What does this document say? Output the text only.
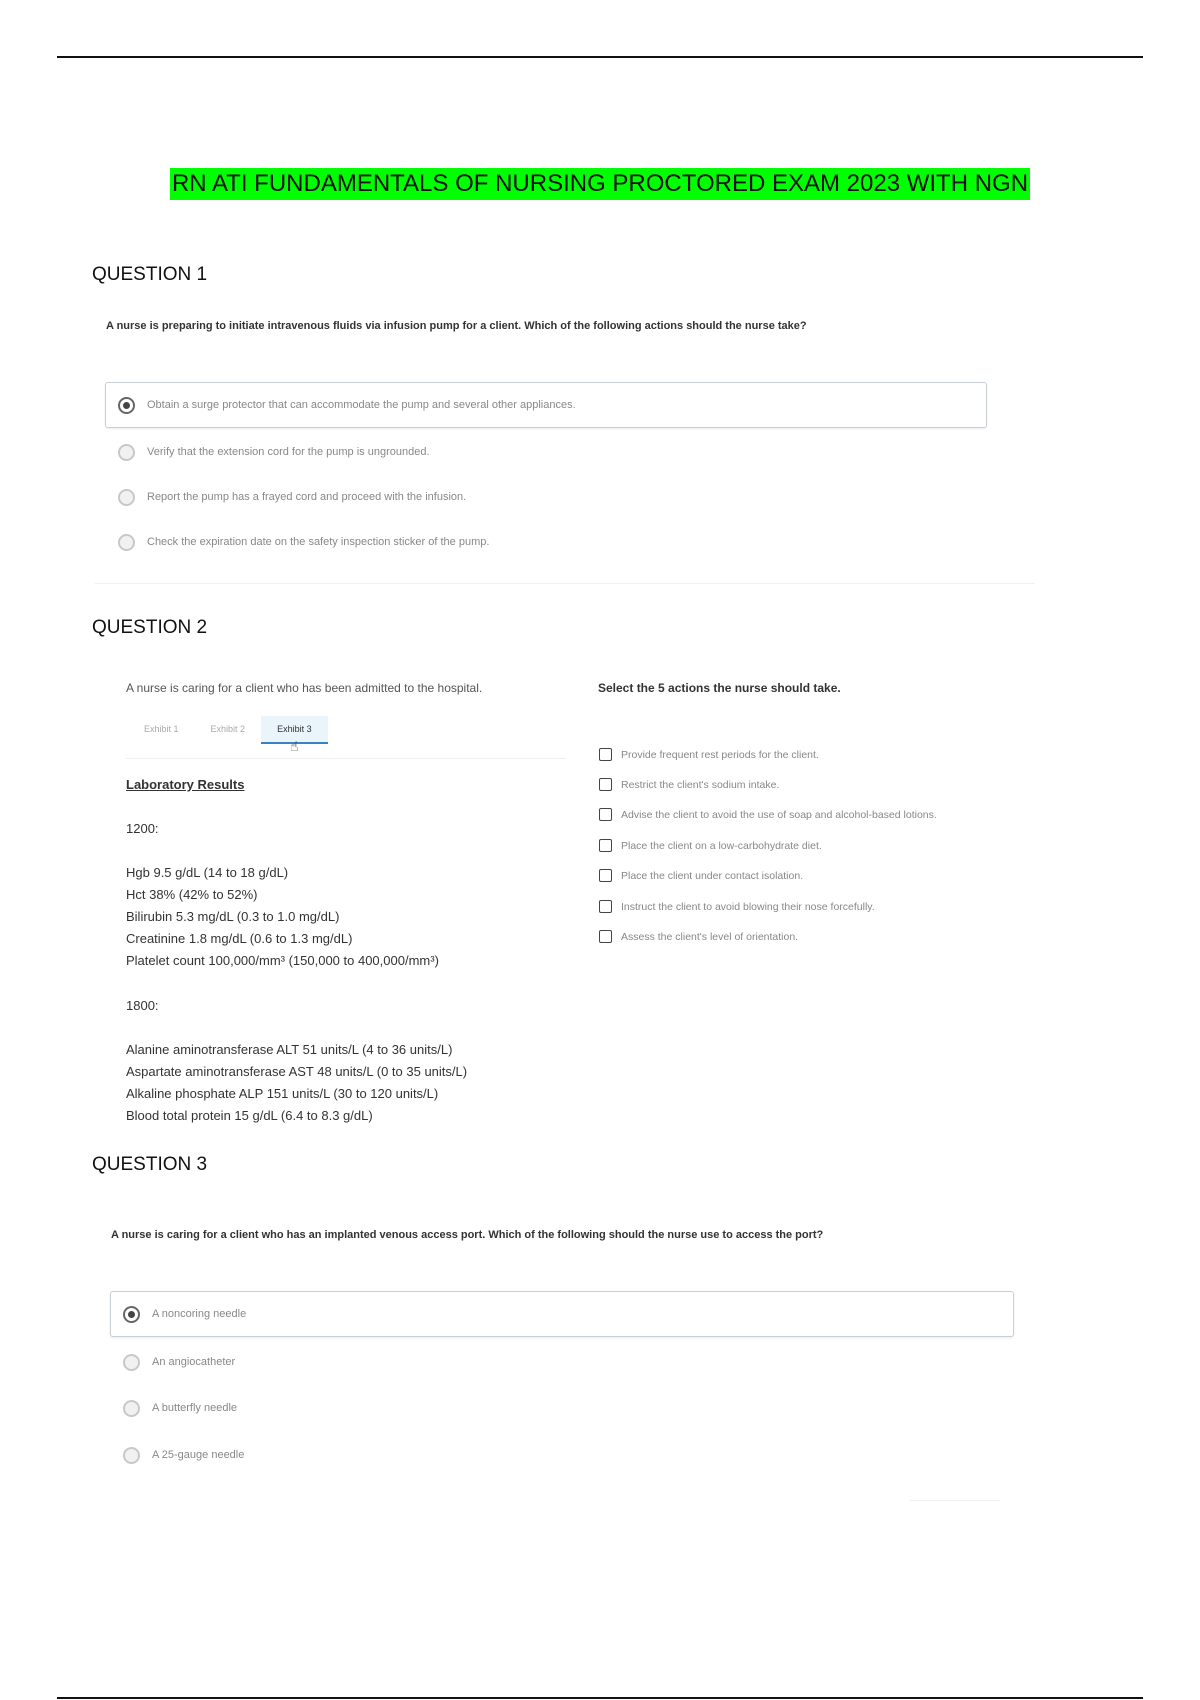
RN ATI FUNDAMENTALS OF NURSING PROCTORED EXAM 2023 WITH NGN
QUESTION 1
A nurse is preparing to initiate intravenous fluids via infusion pump for a client. Which of the following actions should the nurse take?
Obtain a surge protector that can accommodate the pump and several other appliances.
Verify that the extension cord for the pump is ungrounded.
Report the pump has a frayed cord and proceed with the infusion.
Check the expiration date on the safety inspection sticker of the pump.
QUESTION 2
A nurse is caring for a client who has been admitted to the hospital.
Exhibit 1	Exhibit 2	Exhibit 3
☝
Laboratory Results
1200:
Hgb 9.5 g/dL (14 to 18 g/dL)
Hct 38% (42% to 52%)
Bilirubin 5.3 mg/dL (0.3 to 1.0 mg/dL)
Creatinine 1.8 mg/dL (0.6 to 1.3 mg/dL)
Platelet count 100,000/mm³ (150,000 to 400,000/mm³)
1800:
Alanine aminotransferase ALT 51 units/L (4 to 36 units/L)
Aspartate aminotransferase AST 48 units/L (0 to 35 units/L)
Alkaline phosphate ALP 151 units/L (30 to 120 units/L)
Blood total protein 15 g/dL (6.4 to 8.3 g/dL)
Select the 5 actions the nurse should take.
Provide frequent rest periods for the client.
Restrict the client's sodium intake.
Advise the client to avoid the use of soap and alcohol-based lotions.
Place the client on a low-carbohydrate diet.
Place the client under contact isolation.
Instruct the client to avoid blowing their nose forcefully.
Assess the client's level of orientation.
QUESTION 3
A nurse is caring for a client who has an implanted venous access port. Which of the following should the nurse use to access the port?
A noncoring needle
An angiocatheter
A butterfly needle
A 25-gauge needle
